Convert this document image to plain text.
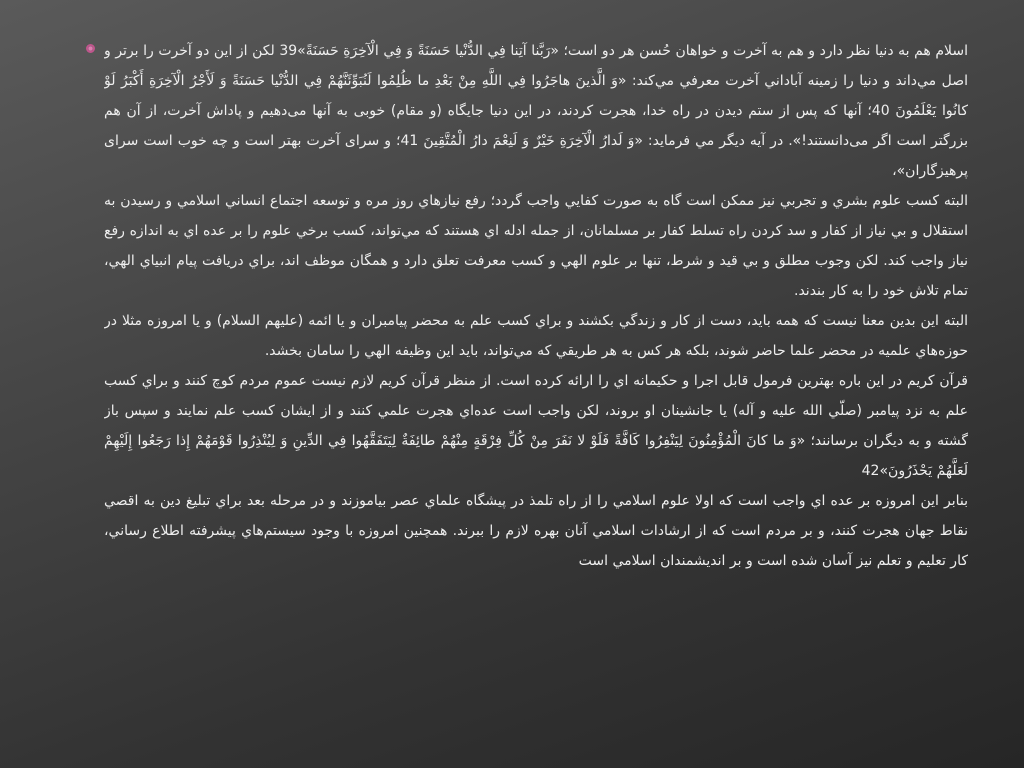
اسلام هم به دنيا نظر دارد و هم به آخرت و خواهان حُسن هر دو است؛ «رَبَّنا آتِنا فِي الدُّنْيا حَسَنَةً وَ فِي الْآخِرَةِ حَسَنَةً»39 لكن از اين دو آخرت را برتر و اصل مي‌داند و دنيا را زمينه آباداني آخرت معرفي مي‌كند: «وَ الَّذينَ هاجَرُوا فِي اللَّهِ مِنْ بَعْدِ ما ظُلِمُوا لَنُبَوِّئَنَّهُمْ فِي الدُّنْيا حَسَنَةً وَ لَأَجْرُ الْآخِرَةِ أَكْبَرُ لَوْ كانُوا يَعْلَمُونَ 40؛ آنها كه پس از ستم ديدن در راه خدا، هجرت كردند، در اين دنيا جايگاه (و مقام) خوبى به آنها مى‌دهيم و پاداش آخرت، از آن هم بزرگتر است اگر مى‌دانستند!». در آيه ديگر مي فرمايد: «وَ لَدارُ الْآخِرَةِ خَيْرٌ وَ لَنِعْمَ دارُ الْمُتَّقِينَ 41؛ و سراى آخرت بهتر است و چه خوب است سراى پرهيزگاران»،

البته كسب علوم بشري و تجربي نيز ممكن است گاه به صورت كفايي واجب گردد؛ رفع نيازهاي روز مره و توسعه اجتماع انساني اسلامي و رسيدن به استقلال و بي نياز از كفار و سد كردن راه تسلط كفار بر مسلمانان، از جمله ادله اي هستند كه مي‌تواند، كسب برخي علوم را بر عده اي به اندازه رفع نياز واجب كند. لكن وجوب مطلق و بي قيد و شرط، تنها بر علوم الهي و كسب معرفت تعلق دارد و همگان موظف اند، براي دريافت پيام انبياي الهي، تمام تلاش خود را به كار بندند.

البته اين بدين معنا نيست كه همه بايد، دست از كار و زندگي بكشند و براي كسب علم به محضر پيامبران و يا ائمه (عليهم السلام) و يا امروزه مثلا در حوزه‌هاي علميه در محضر علما حاضر شوند، بلكه هر كس به هر طريقي كه مي‌تواند، بايد اين وظيفه الهي را سامان بخشد.

قرآن كريم در اين باره بهترين فرمول قابل اجرا و حكيمانه اي را ارائه كرده است. از منظر قرآن كريم لازم نيست عموم مردم كوچ كنند و براي كسب علم به نزد پيامبر (صلّي الله عليه و آله) يا جانشينان او بروند، لكن واجب است عده‌اي هجرت علمي كنند و از ايشان كسب علم نمايند و سپس باز گشته و به ديگران برسانند؛ «وَ ما كانَ الْمُؤْمِنُونَ لِيَنْفِرُوا كَافَّةً فَلَوْ لا نَفَرَ مِنْ كُلِّ فِرْقَةٍ مِنْهُمْ طائِفَةٌ لِيَتَفَقَّهُوا فِي الدِّينِ وَ لِيُنْذِرُوا قَوْمَهُمْ إِذا رَجَعُوا إِلَيْهِمْ لَعَلَّهُمْ يَحْذَرُونَ»42

بنابر اين امروزه بر عده اي واجب است كه اولا علوم اسلامي را از راه تلمذ در پيشگاه علماي عصر بياموزند و در مرحله بعد براي تبليغ دين به اقصي نقاط جهان هجرت كنند، و بر مردم است كه از ارشادات اسلامي آنان بهره لازم را ببرند. همچنين امروزه با وجود سيستم‌هاي پيشرفته اطلاع رساني، كار تعليم و تعلم نيز آسان شده است و بر انديشمندان اسلامي است
